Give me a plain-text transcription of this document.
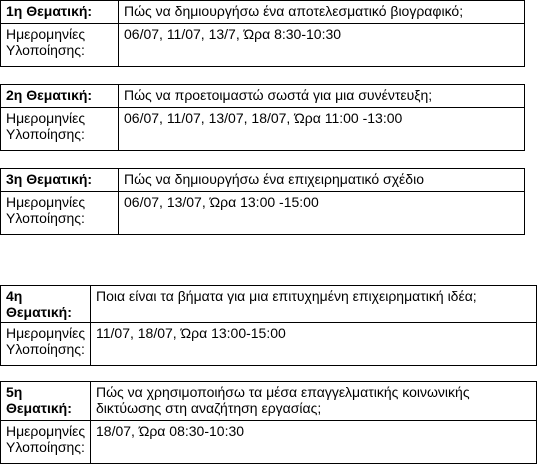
1η Θεματική:	Πώς να δημιουργήσω ένα αποτελεσματικό βιογραφικό;

Ημερομηνίες
Υλοποίησης:	06/07, 11/07, 13/7, Ώρα 8:30-10:30
2η Θεματική:	Πώς να προετοιμαστώ σωστά για μια συνέντευξη;

Ημερομηνίες
Υλοποίησης:	06/07, 11/07, 13/07, 18/07, Ώρα 11:00 -13:00
3η Θεματική:	Πώς να δημιουργήσω ένα επιχειρηματικό σχέδιο

Ημερομηνίες
Υλοποίησης:	06/07, 13/07, Ώρα 13:00 -15:00
4η Θεματική:	Ποια είναι τα βήματα για μια επιτυχημένη επιχειρηματική ιδέα;

Ημερομηνίες
Υλοποίησης:	11/07, 18/07, Ώρα 13:00-15:00
5η Θεματική:	Πώς να χρησιμοποιήσω τα μέσα επαγγελματικής κοινωνικής δικτύωσης στη αναζήτηση εργασίας;

Ημερομηνίες
Υλοποίησης:	18/07, Ώρα 08:30-10:30
